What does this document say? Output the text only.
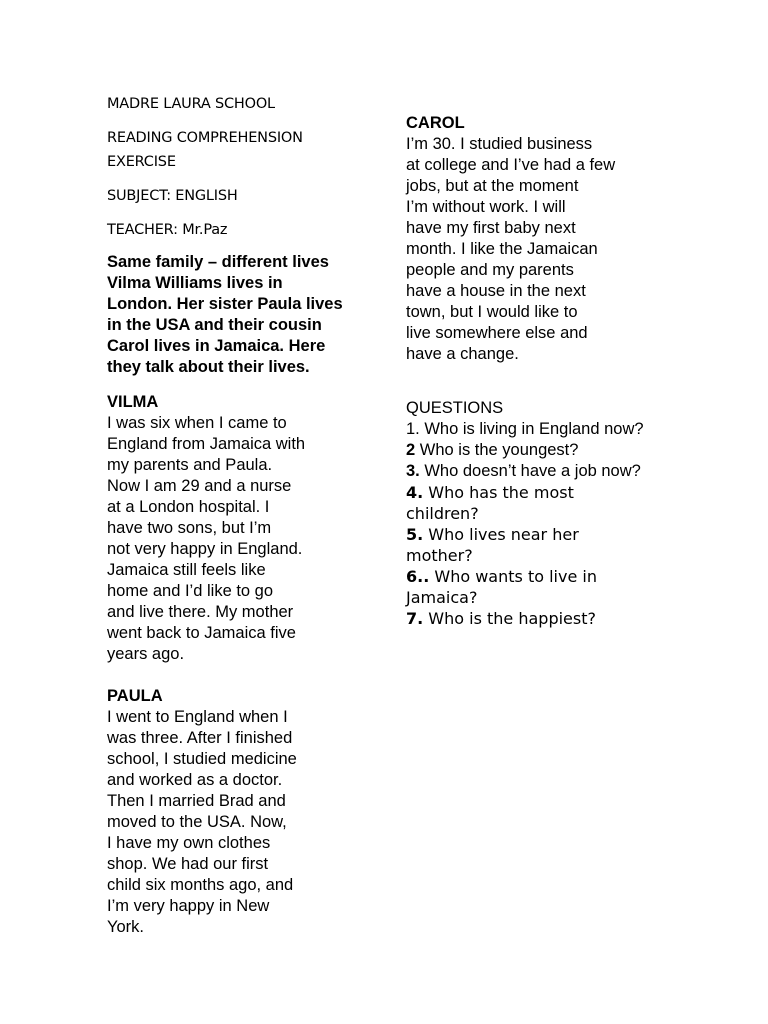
MADRE LAURA SCHOOL
READING COMPREHENSION
EXERCISE
SUBJECT: ENGLISH
TEACHER: Mr.Paz
Same family – different lives
Vilma Williams lives in
London. Her sister Paula lives
in the USA and their cousin
Carol lives in Jamaica. Here
they talk about their lives.
VILMA
I was six when I came to
England from Jamaica with
my parents and Paula.
Now I am 29 and a nurse
at a London hospital. I
have two sons, but I’m
not very happy in England.
Jamaica still feels like
home and I’d like to go
and live there. My mother
went back to Jamaica five
years ago.
PAULA
I went to England when I
was three. After I finished
school, I studied medicine
and worked as a doctor.
Then I married Brad and
moved to the USA. Now,
I have my own clothes
shop. We had our first
child six months ago, and
I’m very happy in New
York.
CAROL
I’m 30. I studied business
at college and I’ve had a few
jobs, but at the moment
I’m without work. I will
have my first baby next
month. I like the Jamaican
people and my parents
have a house in the next
town, but I would like to
live somewhere else and
have a change.
QUESTIONS
1. Who is living in England now?
2 Who is the youngest?
3. Who doesn’t have a job now?
4. Who has the most
children?
5. Who lives near her
mother?
6.. Who wants to live in
Jamaica?
7. Who is the happiest?
